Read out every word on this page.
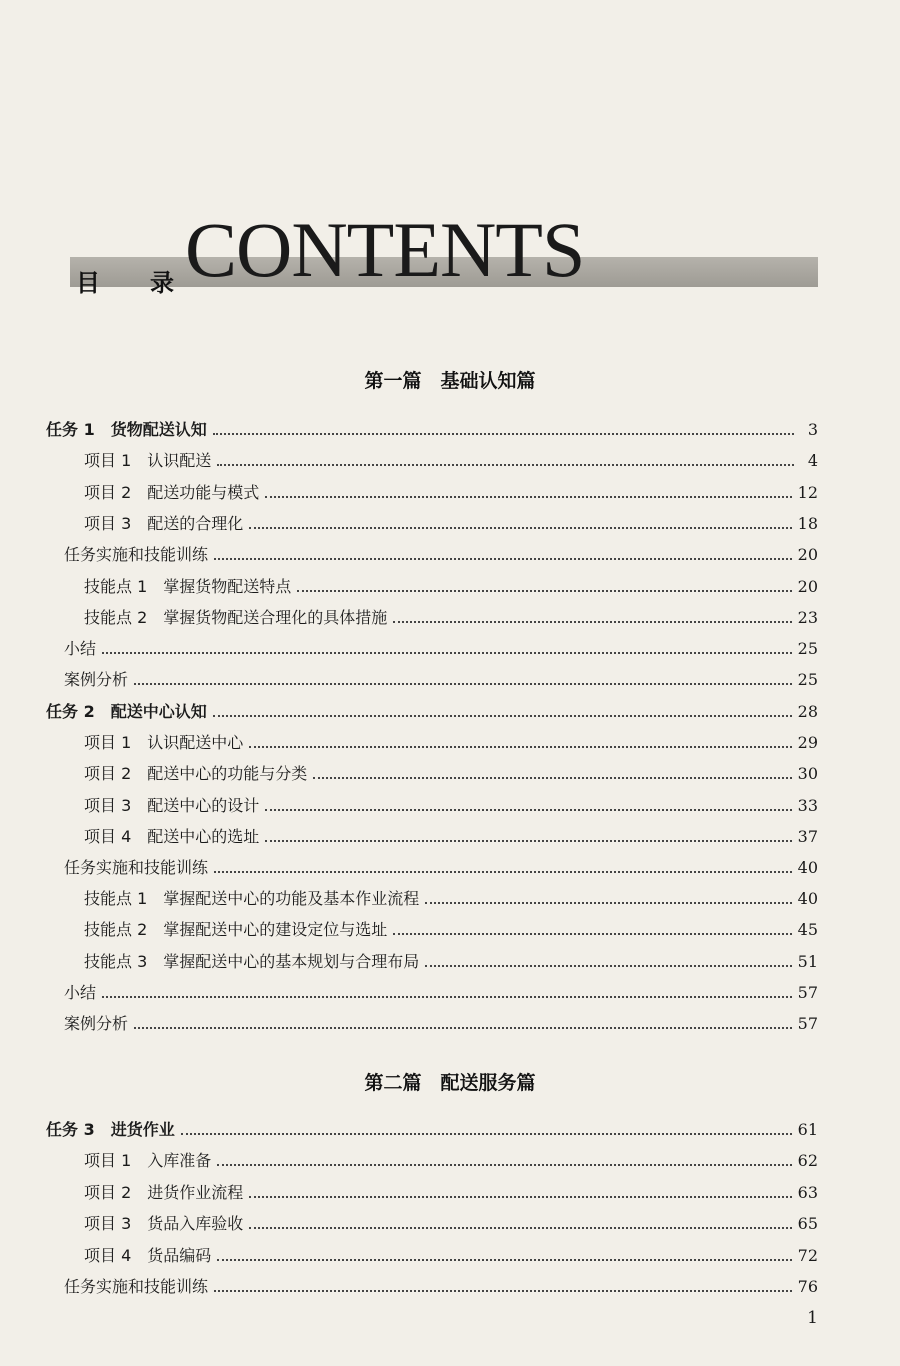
目 录 CONTENTS
第一篇　基础认知篇
第二篇　配送服务篇
任务 1　货物配送认知	3
项目 1　认识配送	4
项目 2　配送功能与模式	12
项目 3　配送的合理化	18
任务实施和技能训练	20
技能点 1　掌握货物配送特点	20
技能点 2　掌握货物配送合理化的具体措施	23
小结	25
案例分析	25
任务 2　配送中心认知	28
项目 1　认识配送中心	29
项目 2　配送中心的功能与分类	30
项目 3　配送中心的设计	33
项目 4　配送中心的选址	37
任务实施和技能训练	40
技能点 1　掌握配送中心的功能及基本作业流程	40
技能点 2　掌握配送中心的建设定位与选址	45
技能点 3　掌握配送中心的基本规划与合理布局	51
小结	57
案例分析	57
任务 3　进货作业	61
项目 1　入库准备	62
项目 2　进货作业流程	63
项目 3　货品入库验收	65
项目 4　货品编码	72
任务实施和技能训练	76
1
